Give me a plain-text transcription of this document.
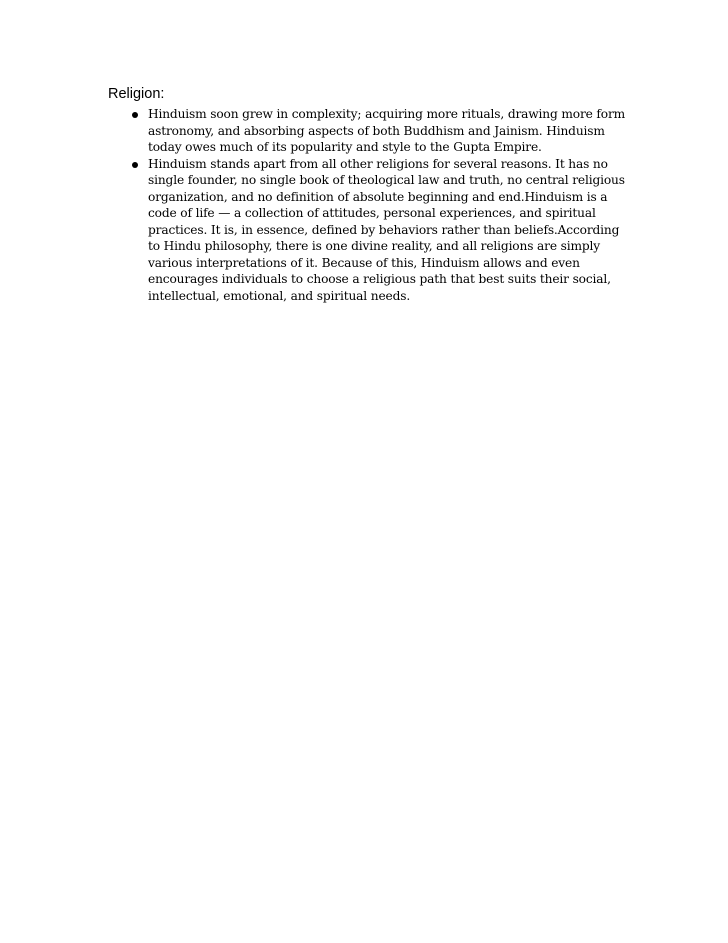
Religion:
Hinduism soon grew in complexity; acquiring more rituals, drawing more form astronomy, and absorbing aspects of both Buddhism and Jainism. Hinduism today owes much of its popularity and style to the Gupta Empire.
Hinduism stands apart from all other religions for several reasons. It has no single founder, no single book of theological law and truth, no central religious organization, and no definition of absolute beginning and end.Hinduism is a code of life — a collection of attitudes, personal experiences, and spiritual practices. It is, in essence, defined by behaviors rather than beliefs.According to Hindu philosophy, there is one divine reality, and all religions are simply various interpretations of it. Because of this, Hinduism allows and even encourages individuals to choose a religious path that best suits their social, intellectual, emotional, and spiritual needs.
